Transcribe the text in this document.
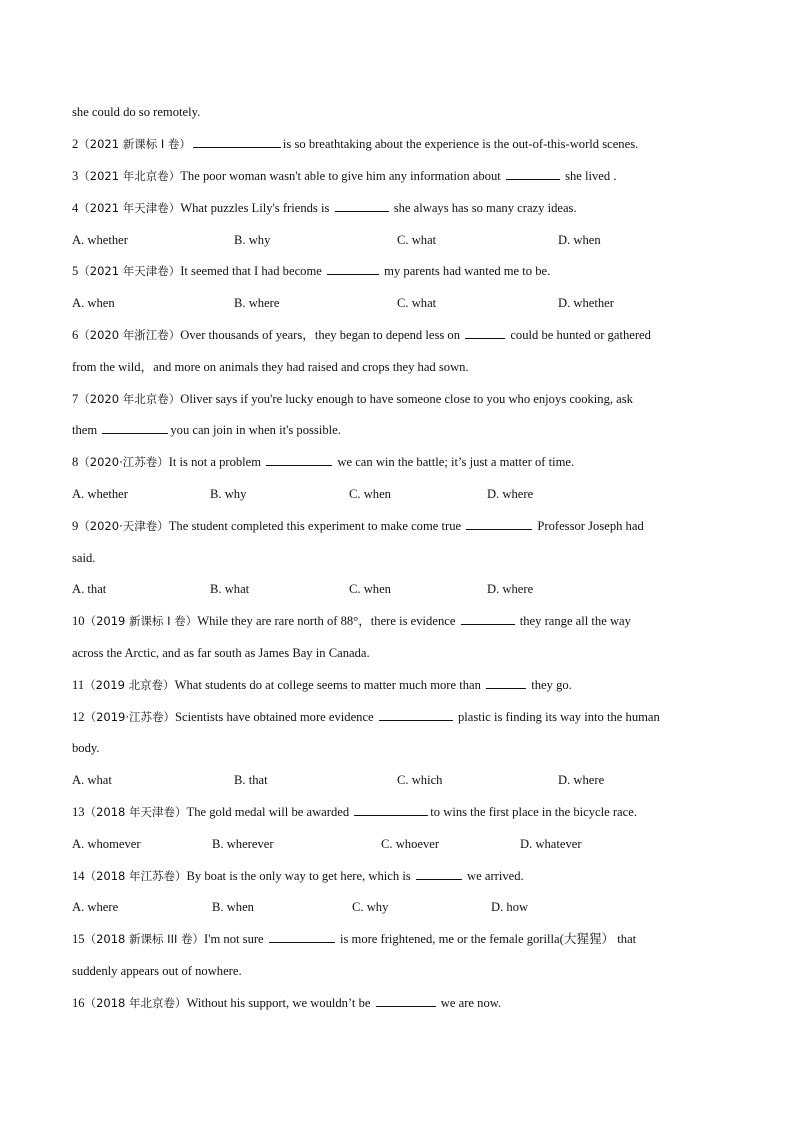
she could do so remotely.
2（2021 新课标 I 卷）	is so breathtaking about the experience is the out-of-this-world scenes.
3（2021 年北京卷）The poor woman wasn't able to give him any information about	she lived .
4（2021 年天津卷）What puzzles Lily's friends is	she always has so many crazy ideas.
A. whether	B. why	C. what	D. when
5（2021 年天津卷）It seemed that I had become	my parents had wanted me to be.
A. when	B. where	C. what	D. whether
6（2020 年浙江卷）Over thousands of years，they began to depend less on	could be hunted or gathered
from the wild，and more on animals they had raised and crops they had sown.
7（2020 年北京卷）Oliver says if you're lucky enough to have someone close to you who enjoys cooking, ask
them	you can join in when it's possible.
8（2020·江苏卷）It is not a problem	we can win the battle; it’s just a matter of time.
A. whether	B. why	C. when	D. where
9（2020·天津卷）The student completed this experiment to make come true	Professor Joseph had
said.
A. that	B. what	C. when	D. where
10（2019 新课标 I 卷）While they are rare north of 88°，there is evidence	they range all the way
across the Arctic, and as far south as James Bay in Canada.
11（2019 北京卷）What students do at college seems to matter much more than	they go.
12（2019·江苏卷）Scientists have obtained more evidence	plastic is finding its way into the human
body.
A. what	B. that	C. which	D. where
13（2018 年天津卷）The gold medal will be awarded	to wins the first place in the bicycle race.
A. whomever	B. wherever	C. whoever	D. whatever
14（2018 年江苏卷）By boat is the only way to get here, which is	we arrived.
A. where	B. when	C. why	D. how
15（2018 新课标 III 卷）I'm not sure	is more frightened, me or the female gorilla(大猩猩） that
suddenly appears out of nowhere.
16（2018 年北京卷）Without his support, we wouldn’t be	we are now.
